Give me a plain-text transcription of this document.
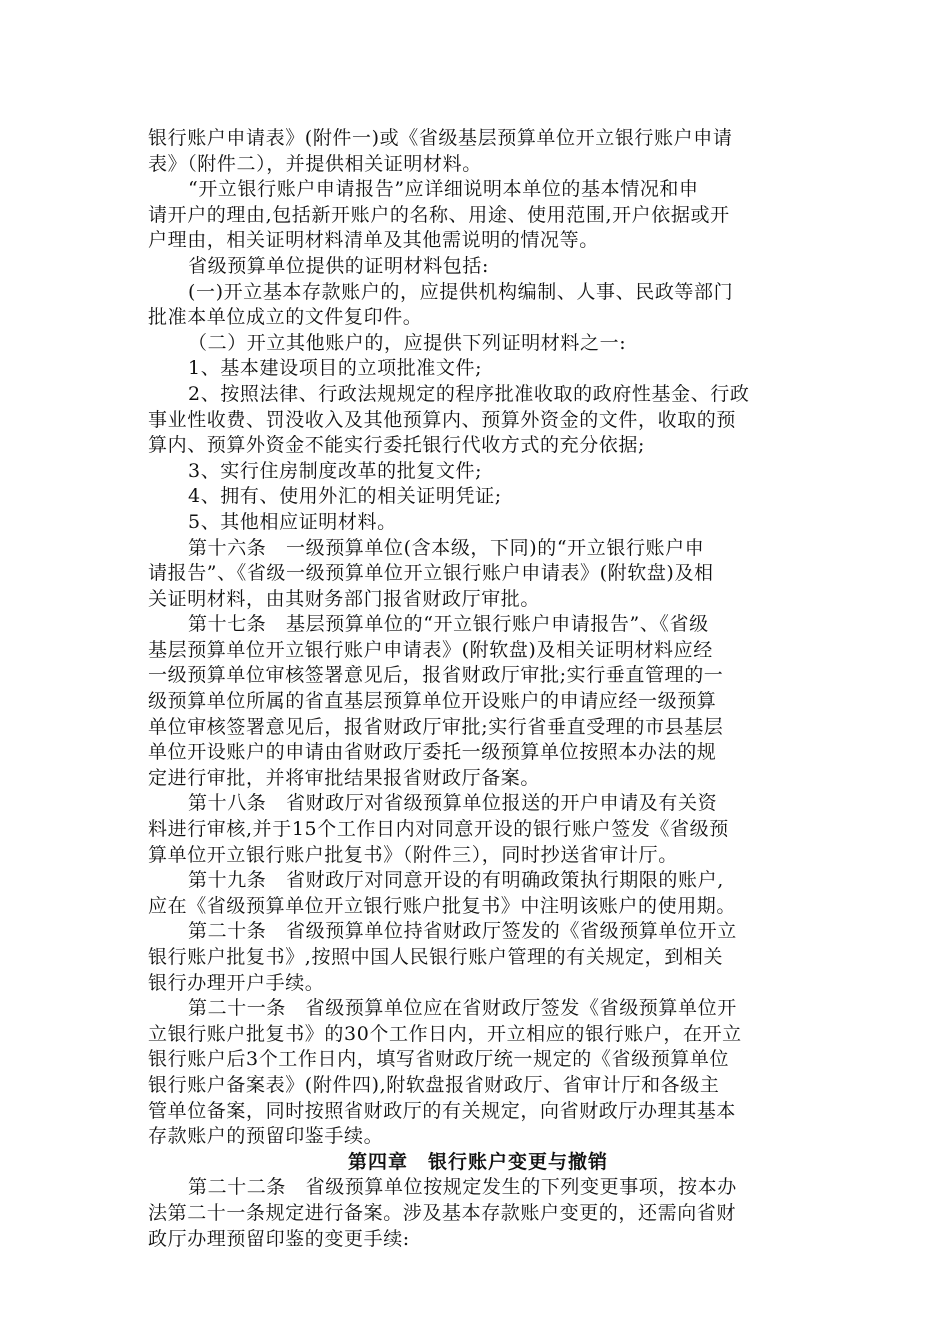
银行账户申请表》(附件一)或《省级基层预算单位开立银行账户申请
表》（附件二），并提供相关证明材料。
“开立银行账户申请报告”应详细说明本单位的基本情况和申
请开户的理由,包括新开账户的名称、用途、使用范围,开户依据或开
户理由，相关证明材料清单及其他需说明的情况等。
省级预算单位提供的证明材料包括:
(一)开立基本存款账户的，应提供机构编制、人事、民政等部门
批准本单位成立的文件复印件。
（二）开立其他账户的，应提供下列证明材料之一:
1、基本建设项目的立项批准文件;
2、按照法律、行政法规规定的程序批准收取的政府性基金、行政
事业性收费、罚没收入及其他预算内、预算外资金的文件，收取的预
算内、预算外资金不能实行委托银行代收方式的充分依据;
3、实行住房制度改革的批复文件;
4、拥有、使用外汇的相关证明凭证;
5、其他相应证明材料。
第十六条　一级预算单位(含本级，下同)的“开立银行账户申
请报告”、《省级一级预算单位开立银行账户申请表》(附软盘)及相
关证明材料，由其财务部门报省财政厅审批。
第十七条　基层预算单位的“开立银行账户申请报告”、《省级
基层预算单位开立银行账户申请表》(附软盘)及相关证明材料应经
一级预算单位审核签署意见后，报省财政厅审批;实行垂直管理的一
级预算单位所属的省直基层预算单位开设账户的申请应经一级预算
单位审核签署意见后，报省财政厅审批;实行省垂直受理的市县基层
单位开设账户的申请由省财政厅委托一级预算单位按照本办法的规
定进行审批，并将审批结果报省财政厅备案。
第十八条　省财政厅对省级预算单位报送的开户申请及有关资
料进行审核,并于15个工作日内对同意开设的银行账户签发《省级预
算单位开立银行账户批复书》（附件三），同时抄送省审计厅。
第十九条　省财政厅对同意开设的有明确政策执行期限的账户,
应在《省级预算单位开立银行账户批复书》中注明该账户的使用期。
第二十条　省级预算单位持省财政厅签发的《省级预算单位开立
银行账户批复书》,按照中国人民银行账户管理的有关规定，到相关
银行办理开户手续。
第二十一条　省级预算单位应在省财政厅签发《省级预算单位开
立银行账户批复书》的30个工作日内，开立相应的银行账户，在开立
银行账户后3个工作日内，填写省财政厅统一规定的《省级预算单位
银行账户备案表》(附件四),附软盘报省财政厅、省审计厅和各级主
管单位备案，同时按照省财政厅的有关规定，向省财政厅办理其基本
存款账户的预留印鉴手续。
第四章　银行账户变更与撤销
第二十二条　省级预算单位按规定发生的下列变更事项，按本办
法第二十一条规定进行备案。涉及基本存款账户变更的，还需向省财
政厅办理预留印鉴的变更手续:
